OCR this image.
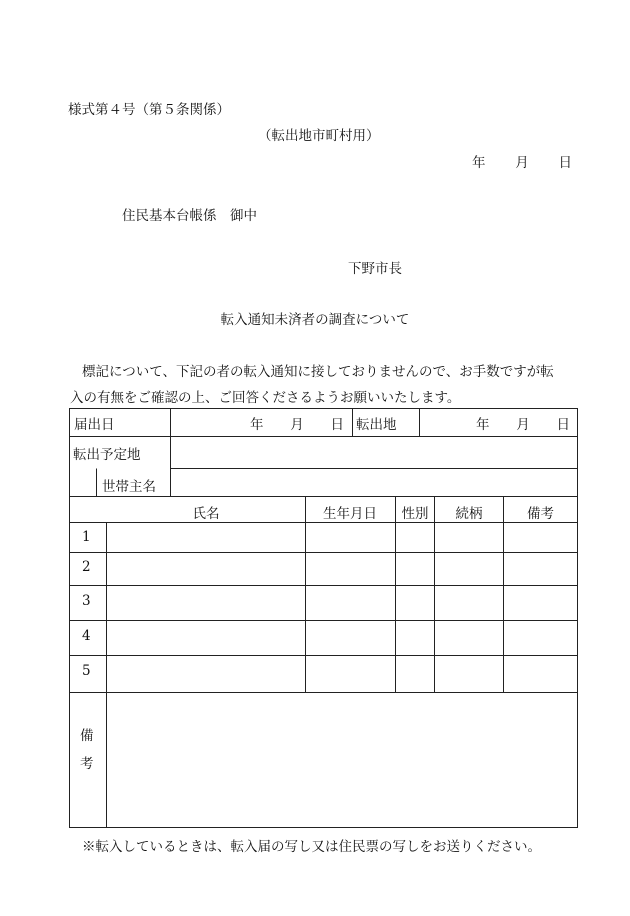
様式第４号（第５条関係）
（転出地市町村用）
年 月 日
住民基本台帳係　御中
下野市長
転入通知未済者の調査について
標記について、下記の者の転入通知に接しておりませんので、お手数ですが転
入の有無をご確認の上、ご回答くださるようお願いいたします。
届出日	年 月 日 転出地	年 月 日
転出予定地
世帯主名
氏名	生年月日	性別	続柄	備考
1
2
3
4
5
備
考
※転入しているときは、転入届の写し又は住民票の写しをお送りください。
